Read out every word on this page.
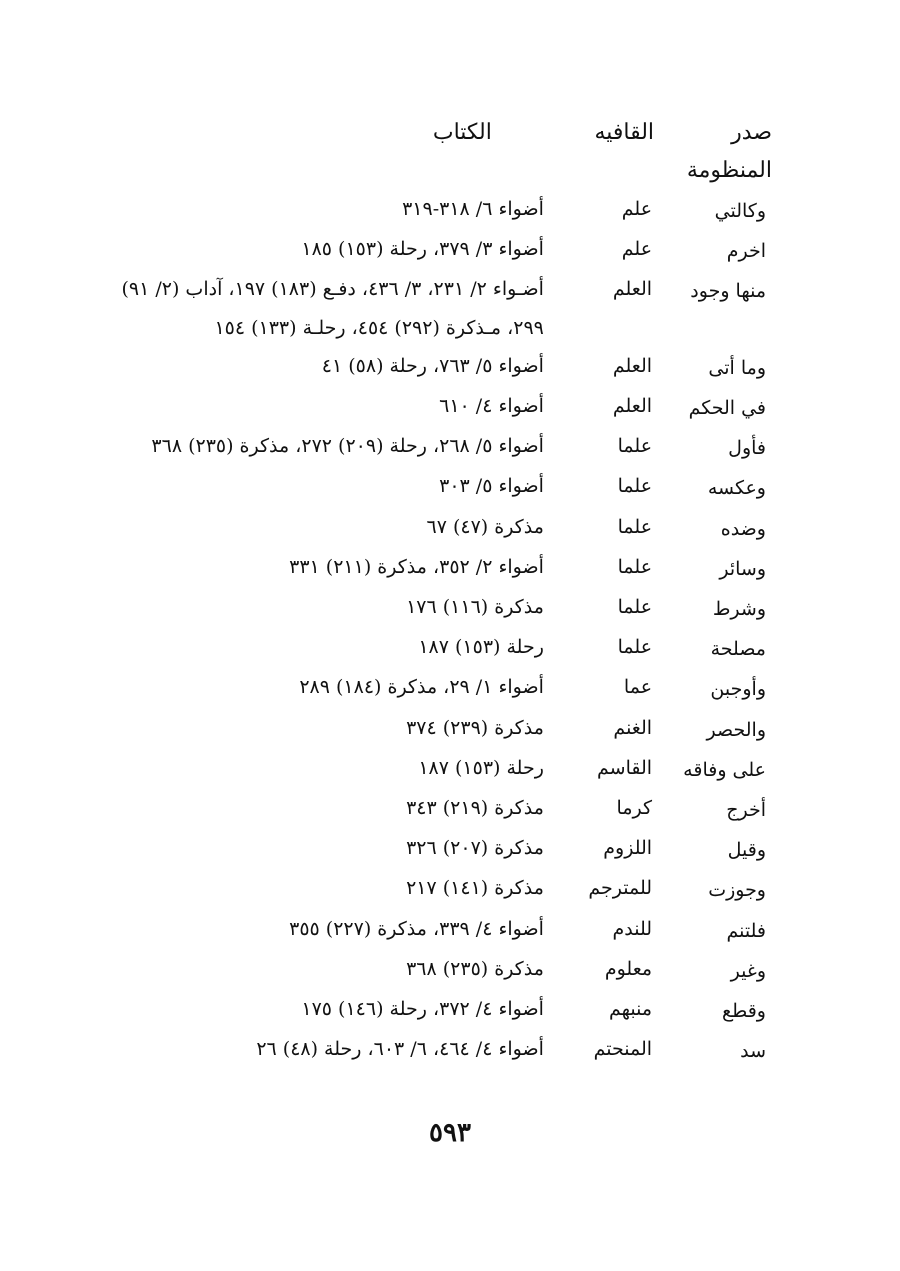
صدر المنظومة	القافيه	الكتاب
وكالتي	علم	أضواء ٦/ ٣١٨-٣١٩
اخرم	علم	أضواء ٣/ ٣٧٩، رحلة (١٥٣) ١٨٥
منها وجود	العلم	أضـواء ٢/ ٢٣١، ٣/ ٤٣٦، دفـع (١٨٣) ١٩٧، آداب (٢/ ٩١) ٢٩٩، مـذكرة (٢٩٢) ٤٥٤، رحلـة (١٣٣) ١٥٤
وما أتى	العلم	أضواء ٥/ ٧٦٣، رحلة (٥٨) ٤١
في الحكم	العلم	أضواء ٤/ ٦١٠
فأول	علما	أضواء ٥/ ٢٦٨، رحلة (٢٠٩) ٢٧٢، مذكرة (٢٣٥) ٣٦٨
وعكسه	علما	أضواء ٥/ ٣٠٣
وضده	علما	مذكرة (٤٧) ٦٧
وسائر	علما	أضواء ٢/ ٣٥٢، مذكرة (٢١١) ٣٣١
وشرط	علما	مذكرة (١١٦) ١٧٦
مصلحة	علما	رحلة (١٥٣) ١٨٧
وأوجبن	عما	أضواء ١/ ٢٩، مذكرة (١٨٤) ٢٨٩
والحصر	الغنم	مذكرة (٢٣٩) ٣٧٤
على وفاقه	القاسم	رحلة (١٥٣) ١٨٧
أخرج	كرما	مذكرة (٢١٩) ٣٤٣
وقيل	اللزوم	مذكرة (٢٠٧) ٣٢٦
وجوزت	للمترجم	مذكرة (١٤١) ٢١٧
فلتنم	للندم	أضواء ٤/ ٣٣٩، مذكرة (٢٢٧) ٣٥٥
وغير	معلوم	مذكرة (٢٣٥) ٣٦٨
وقطع	منبهم	أضواء ٤/ ٣٧٢، رحلة (١٤٦) ١٧٥
سد	المنحتم	أضواء ٤/ ٤٦٤، ٦/ ٦٠٣، رحلة (٤٨) ٢٦
٥٩٣
